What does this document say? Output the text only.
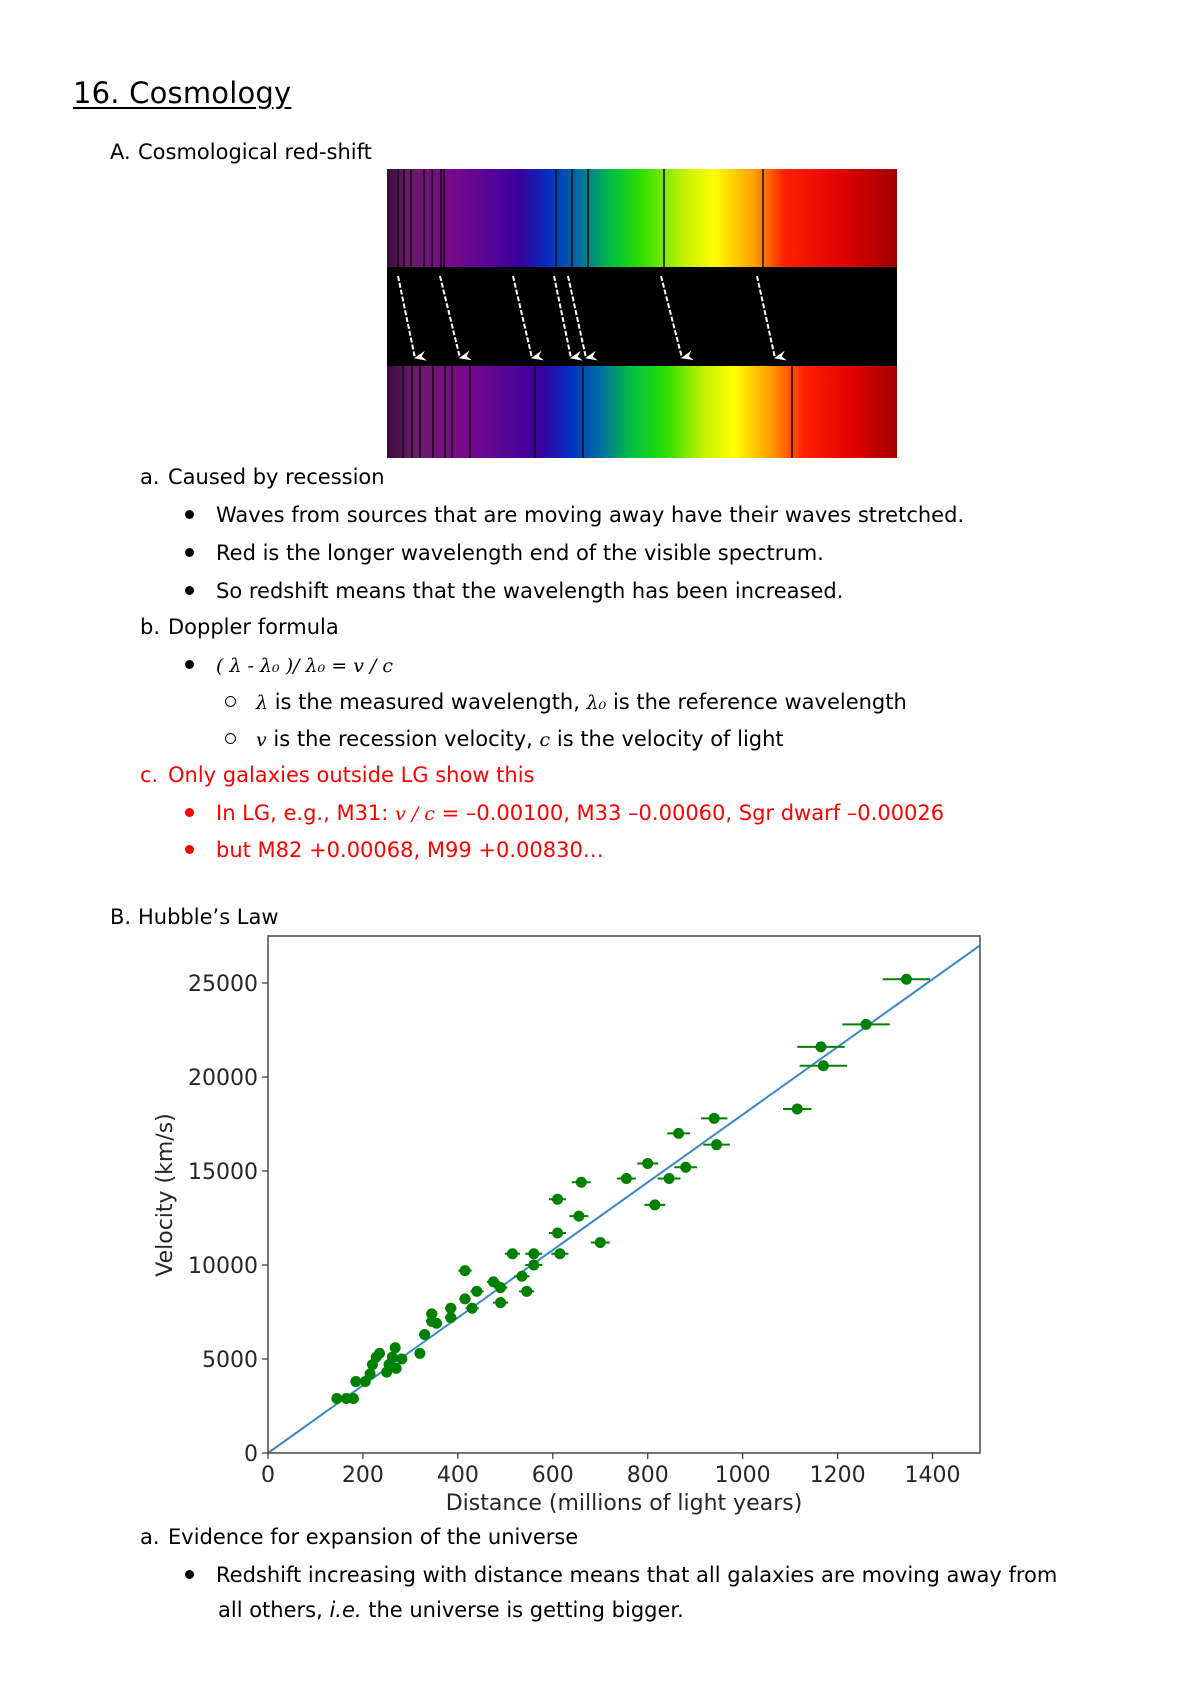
16. Cosmology
A. Cosmological red-shift
a. Caused by recession
Waves from sources that are moving away have their waves stretched.
Red is the longer wavelength end of the visible spectrum.
So redshift means that the wavelength has been increased.
b. Doppler formula
( λ - λ₀ )/ λ₀ = v / c
λ is the measured wavelength, λ₀ is the reference wavelength
v is the recession velocity, c is the velocity of light
c. Only galaxies outside LG show this
In LG, e.g., M31: v / c = –0.00100, M33 –0.00060, Sgr dwarf –0.00026
but M82 +0.00068, M99 +0.00830…
B. Hubble’s Law
0	200 400 600 800 1000 1200 1400
0
5000
10000
15000
20000
25000
Distance (millions of light years)
Velocity (km/s)
a. Evidence for expansion of the universe
Redshift increasing with distance means that all galaxies are moving away from
all others, i.e. the universe is getting bigger.
